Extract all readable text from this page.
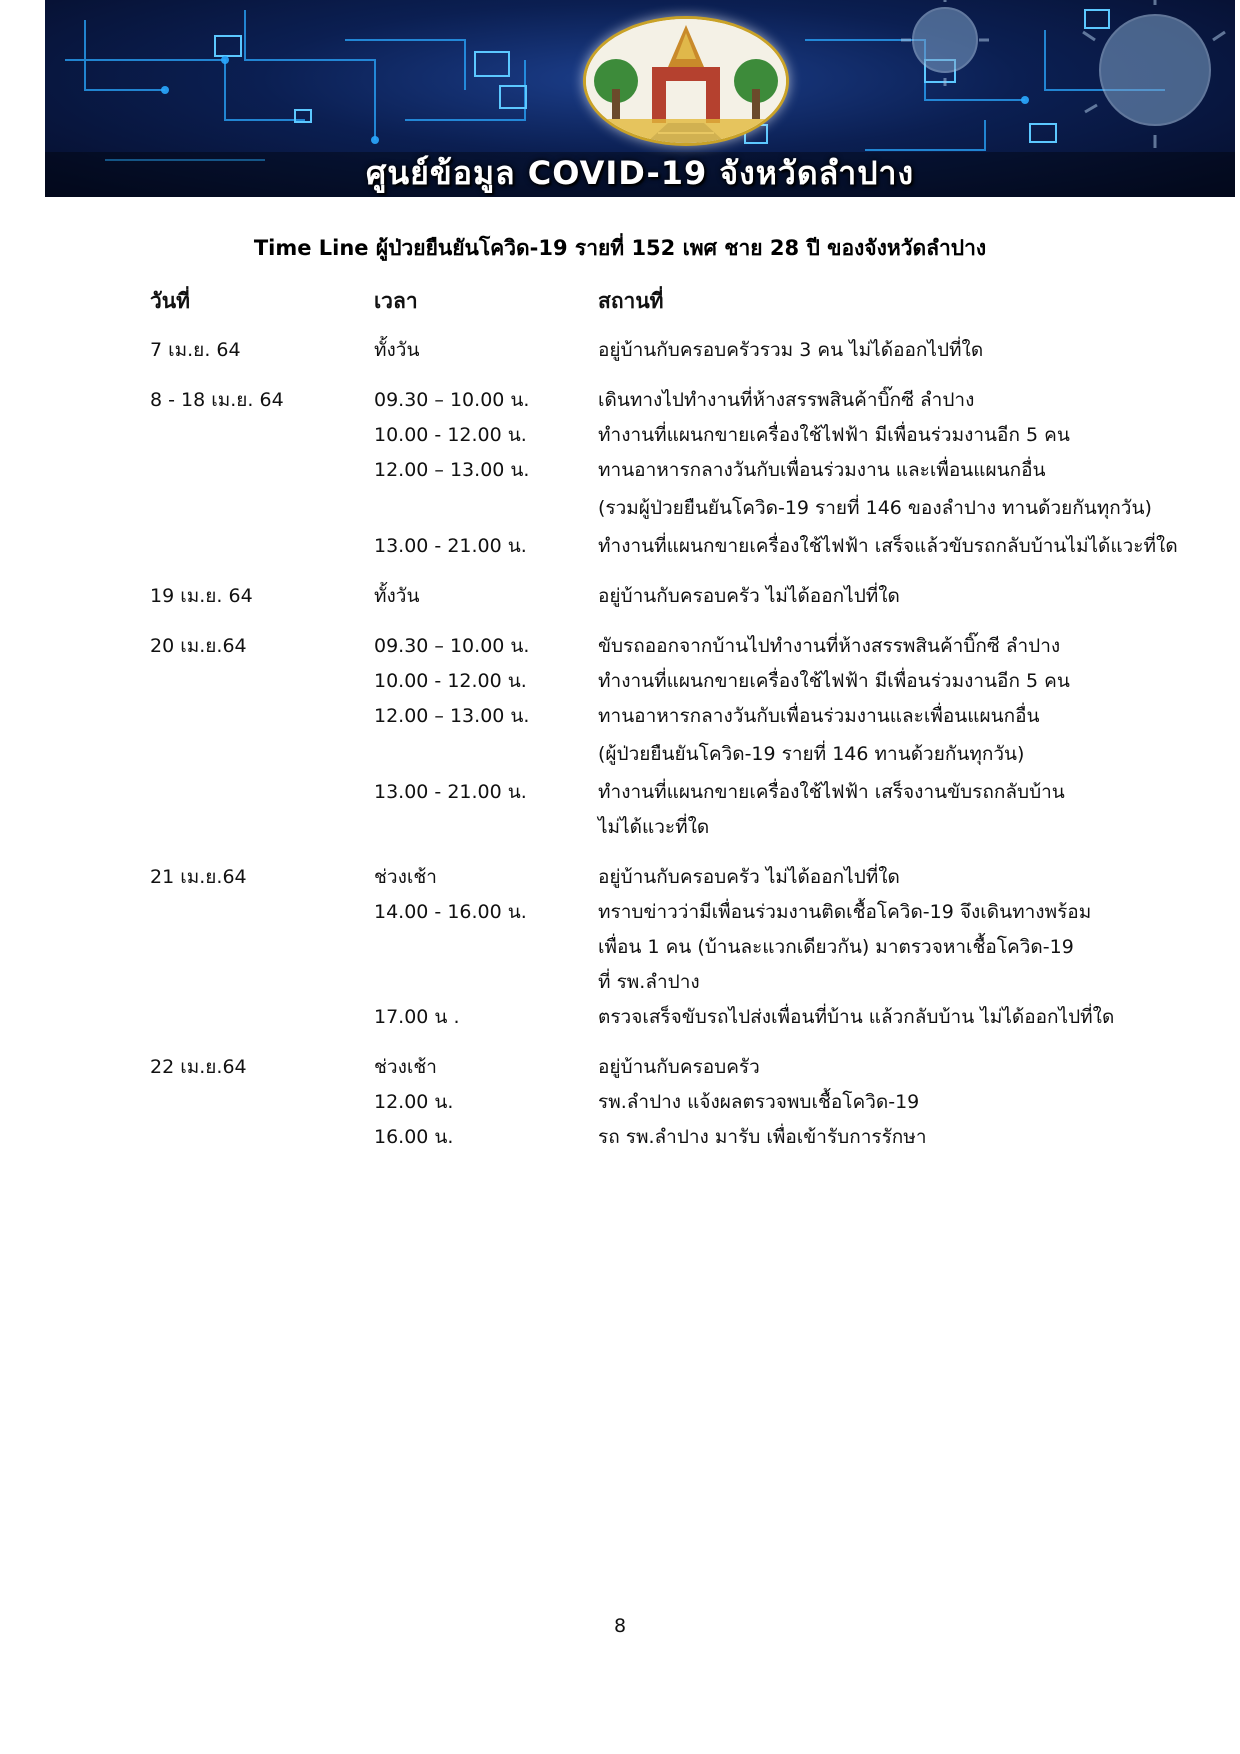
ศูนย์ข้อมูล COVID-19 จังหวัดลำปาง
Time Line ผู้ป่วยยืนยันโควิด-19 รายที่ 152 เพศ ชาย 28 ปี ของจังหวัดลำปาง
วันที่	เวลา	สถานที่
7 เม.ย. 64	ทั้งวัน	อยู่บ้านกับครอบครัวรวม 3 คน ไม่ได้ออกไปที่ใด
8 - 18 เม.ย. 64	09.30 – 10.00 น.	เดินทางไปทำงานที่ห้างสรรพสินค้าบิ๊กซี ลำปาง
10.00 - 12.00 น.	ทำงานที่แผนกขายเครื่องใช้ไฟฟ้า มีเพื่อนร่วมงานอีก 5 คน
12.00 – 13.00 น.	ทานอาหารกลางวันกับเพื่อนร่วมงาน และเพื่อนแผนกอื่น
(รวมผู้ป่วยยืนยันโควิด-19 รายที่ 146 ของลำปาง ทานด้วยกันทุกวัน)
13.00 - 21.00 น.	ทำงานที่แผนกขายเครื่องใช้ไฟฟ้า เสร็จแล้วขับรถกลับบ้านไม่ได้แวะที่ใด
19 เม.ย. 64	ทั้งวัน	อยู่บ้านกับครอบครัว ไม่ได้ออกไปที่ใด
20 เม.ย.64	09.30 – 10.00 น.	ขับรถออกจากบ้านไปทำงานที่ห้างสรรพสินค้าบิ๊กซี ลำปาง
10.00 - 12.00 น.	ทำงานที่แผนกขายเครื่องใช้ไฟฟ้า มีเพื่อนร่วมงานอีก 5 คน
12.00 – 13.00 น.	ทานอาหารกลางวันกับเพื่อนร่วมงานและเพื่อนแผนกอื่น
(ผู้ป่วยยืนยันโควิด-19 รายที่ 146 ทานด้วยกันทุกวัน)
13.00 - 21.00 น.	ทำงานที่แผนกขายเครื่องใช้ไฟฟ้า เสร็จงานขับรถกลับบ้าน
ไม่ได้แวะที่ใด
21 เม.ย.64	ช่วงเช้า	อยู่บ้านกับครอบครัว ไม่ได้ออกไปที่ใด
14.00 - 16.00 น.	ทราบข่าวว่ามีเพื่อนร่วมงานติดเชื้อโควิด-19 จึงเดินทางพร้อม
เพื่อน 1 คน (บ้านละแวกเดียวกัน) มาตรวจหาเชื้อโควิด-19
ที่ รพ.ลำปาง
17.00 น .	ตรวจเสร็จขับรถไปส่งเพื่อนที่บ้าน แล้วกลับบ้าน ไม่ได้ออกไปที่ใด
22 เม.ย.64	ช่วงเช้า	อยู่บ้านกับครอบครัว
12.00 น.	รพ.ลำปาง แจ้งผลตรวจพบเชื้อโควิด-19
16.00 น.	รถ รพ.ลำปาง มารับ เพื่อเข้ารับการรักษา
8
